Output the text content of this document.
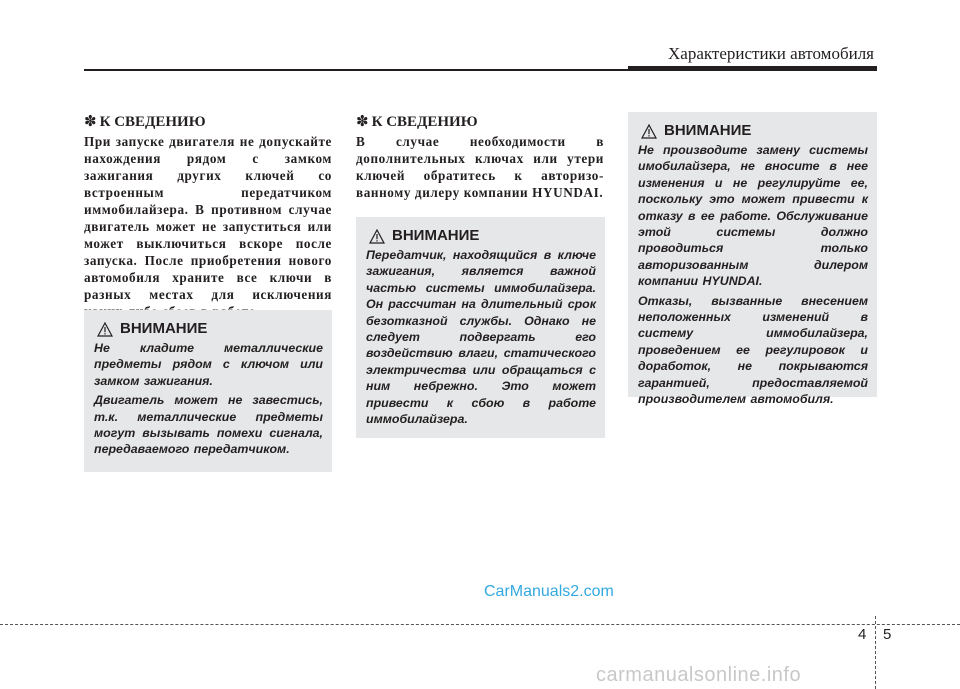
Характеристики автомобиля
✽ К СВЕДЕНИЮ

При запуске двигателя не допускайте нахождения рядом с замком зажигания других ключей со встроенным передатчиком иммобилайзера. В противном случае двигатель может не запуститься или может выключиться вскоре после запуска. После приобретения нового автомобиля храните все ключи в разных местах для исключения

ВНИМАНИЕ

Не кладите металлические предметы рядом с ключом или замком зажигания.

Двигатель может не завестись, т.к. металлические предметы могут вызывать помехи сигнала, передаваемого передатчиком.

✽ К СВЕДЕНИЮ

В случае необходимости в дополнительных ключах или утери ключей обратитесь к авторизо- ванному дилеру компании HYUNDAI.

ВНИМАНИЕ

Передатчик, находящийся в ключе зажигания, является важной частью системы иммобилайзера. Он рассчитан на длительный срок безотказной службы. Однако не следует подвергать его воздействию влаги, статического электричества или обращаться с ним небрежно. Это может привести к сбою в работе иммобилайзера.

ВНИМАНИЕ

Не производите замену системы имобилайзера, не вносите в нее изменения и не регулируйте ее, поскольку это может привести к отказу в ее работе. Обслуживание этой системы должно проводиться только авторизованным дилером компании HYUNDAI.

Отказы, вызванные внесением неположенных изменений в систему иммобилайзера, проведением ее регулировок и доработок, не покрываются гарантией, предоставляемой производителем автомобиля.

CarManuals2.com
4 5
carmanualsonline.info
